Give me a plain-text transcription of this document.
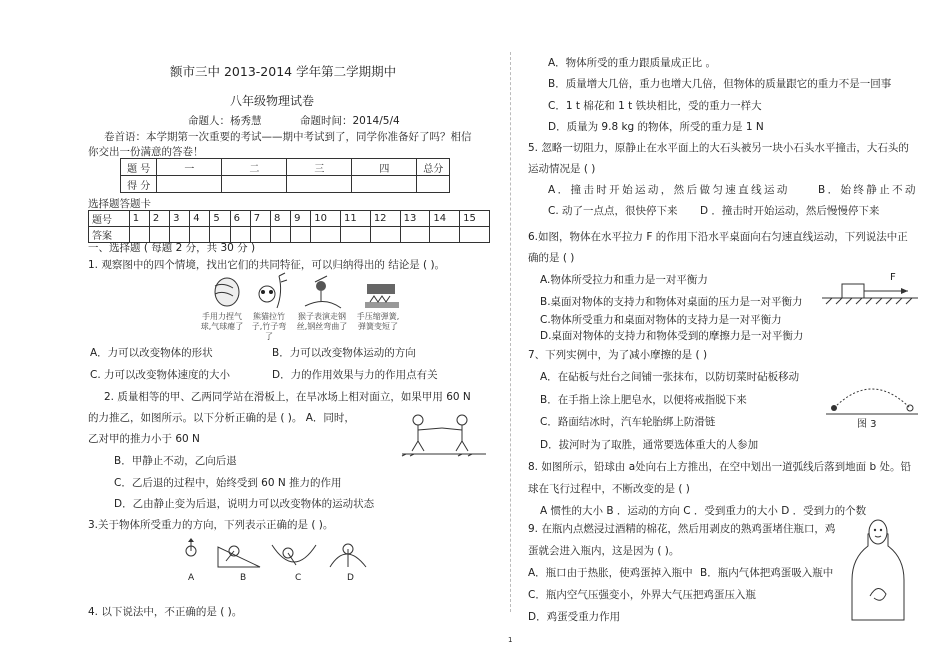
额市三中 2013-2014 学年第二学期期中
八年级物理试卷
命题人：杨秀慧	命题时间：2014/5/4
卷首语：本学期第一次重要的考试——期中考试到了，同学你准备好了吗？相信
你交出一份满意的答卷！
题 号	一	二	三	四	总分
得 分					
选择题答题卡
题号	1	2	3	4	5	6	7	8	9	10	11	12	13	14	15
答案															
一、选择题 ( 每题 2 分，共 30 分 )
1. 观察图中的四个情境，找出它们的共同特征，可以归纳得出的 结论是 ( )。
手用力捏气球,气球瘪了
熊猫拉竹子,竹子弯了
猴子表演走钢丝,钢丝弯曲了
手压缩弹簧,弹簧变短了
A．力可以改变物体的形状	B．力可以改变物体运动的方向
C. 力可以改变物体速度的大小	D．力的作用效果与力的作用点有关
2. 质量相等的甲、乙两同学站在滑板上，在旱冰场上相对面立，如果甲用 60 N
的力推乙，如图所示。以下分析正确的是 ( )。 A．同时，
乙对甲的推力小于 60 N
B．甲静止不动，乙向后退
C．乙后退的过程中，始终受到 60 N 推力的作用
D．乙由静止变为后退，说明力可以改变物体的运动状态
3.关于物体所受重力的方向，下列表示正确的是 ( )。
A	B	C	D
4. 以下说法中，不正确的是 ( )。
A．物体所受的重力跟质量成正比 。
B．质量增大几倍，重力也增大几倍，但物体的质量跟它的重力不是一回事
C．1 t 棉花和 1 t 铁块相比，受的重力一样大
D．质量为 9.8 kg 的物体，所受的重力是 1 N
5. 忽略一切阻力，原静止在水平面上的大石头被另一块小石头水平撞击，大石头的
运动情况是 ( )
A．撞击时开始运动，然后做匀速直线运动	B．始终静止不动
C. 动了一点点，很快停下来 D ．撞击时开始运动，然后慢慢停下来
6.如图，物体在水平拉力 F 的作用下沿水平桌面向右匀速直线运动，下列说法中正
确的是 ( )
A.物体所受拉力和重力是一对平衡力
B.桌面对物体的支持力和物体对桌面的压力是一对平衡力
C.物体所受重力和桌面对物体的支持力是一对平衡力
D.桌面对物体的支持力和物体受到的摩擦力是一对平衡力
F
7、下列实例中，为了减小摩擦的是 ( )
A．在砧板与灶台之间铺一张抹布，以防切菜时砧板移动
B．在手指上涂上肥皂水，以便将戒指脱下来
C．路面结冰时，汽车轮胎绑上防滑链
D．拔河时为了取胜，通常要选体重大的人参加
图 3
8. 如图所示，铅球由 a处向右上方推出，在空中划出一道弧线后落到地面 b 处。铅
球在飞行过程中，不断改变的是 ( )
A 惯性的大小 B ．运动的方向 C ．受到重力的大小 D ．受到力的个数
9. 在瓶内点燃浸过酒精的棉花，然后用剥皮的熟鸡蛋堵住瓶口，鸡
蛋就会进入瓶内，这是因为 ( )。
A．瓶口由于热胀，使鸡蛋掉入瓶中 B．瓶内气体把鸡蛋吸入瓶中
C．瓶内空气压强变小，外界大气压把鸡蛋压入瓶
D．鸡蛋受重力作用
1
